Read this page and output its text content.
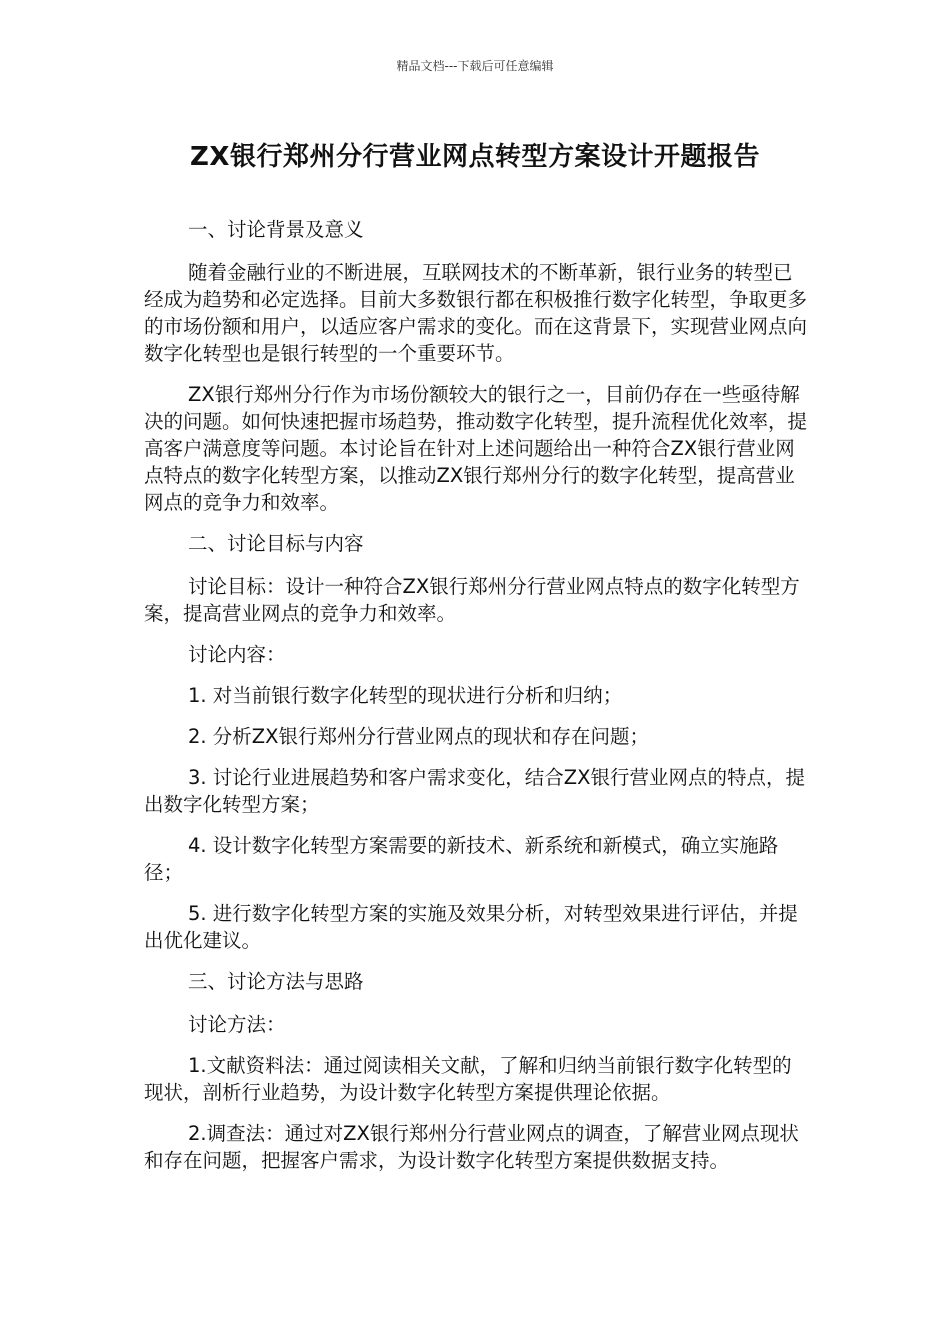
精品文档---下载后可任意编辑
ZX银行郑州分行营业网点转型方案设计开题报告

一、讨论背景及意义

随着金融行业的不断进展，互联网技术的不断革新，银行业务的转型已经成为趋势和必定选择。目前大多数银行都在积极推行数字化转型，争取更多的市场份额和用户，以适应客户需求的变化。而在这背景下，实现营业网点向数字化转型也是银行转型的一个重要环节。

ZX银行郑州分行作为市场份额较大的银行之一，目前仍存在一些亟待解决的问题。如何快速把握市场趋势，推动数字化转型，提升流程优化效率，提高客户满意度等问题。本讨论旨在针对上述问题给出一种符合ZX银行营业网点特点的数字化转型方案，以推动ZX银行郑州分行的数字化转型，提高营业网点的竞争力和效率。

二、讨论目标与内容

讨论目标：设计一种符合ZX银行郑州分行营业网点特点的数字化转型方案，提高营业网点的竞争力和效率。

讨论内容：

1. 对当前银行数字化转型的现状进行分析和归纳；

2. 分析ZX银行郑州分行营业网点的现状和存在问题；

3. 讨论行业进展趋势和客户需求变化，结合ZX银行营业网点的特点，提出数字化转型方案；

4. 设计数字化转型方案需要的新技术、新系统和新模式，确立实施路径；

5. 进行数字化转型方案的实施及效果分析，对转型效果进行评估，并提出优化建议。

三、讨论方法与思路

讨论方法：

1.文献资料法：通过阅读相关文献，了解和归纳当前银行数字化转型的现状，剖析行业趋势，为设计数字化转型方案提供理论依据。

2.调查法：通过对ZX银行郑州分行营业网点的调查，了解营业网点现状和存在问题，把握客户需求，为设计数字化转型方案提供数据支持。
